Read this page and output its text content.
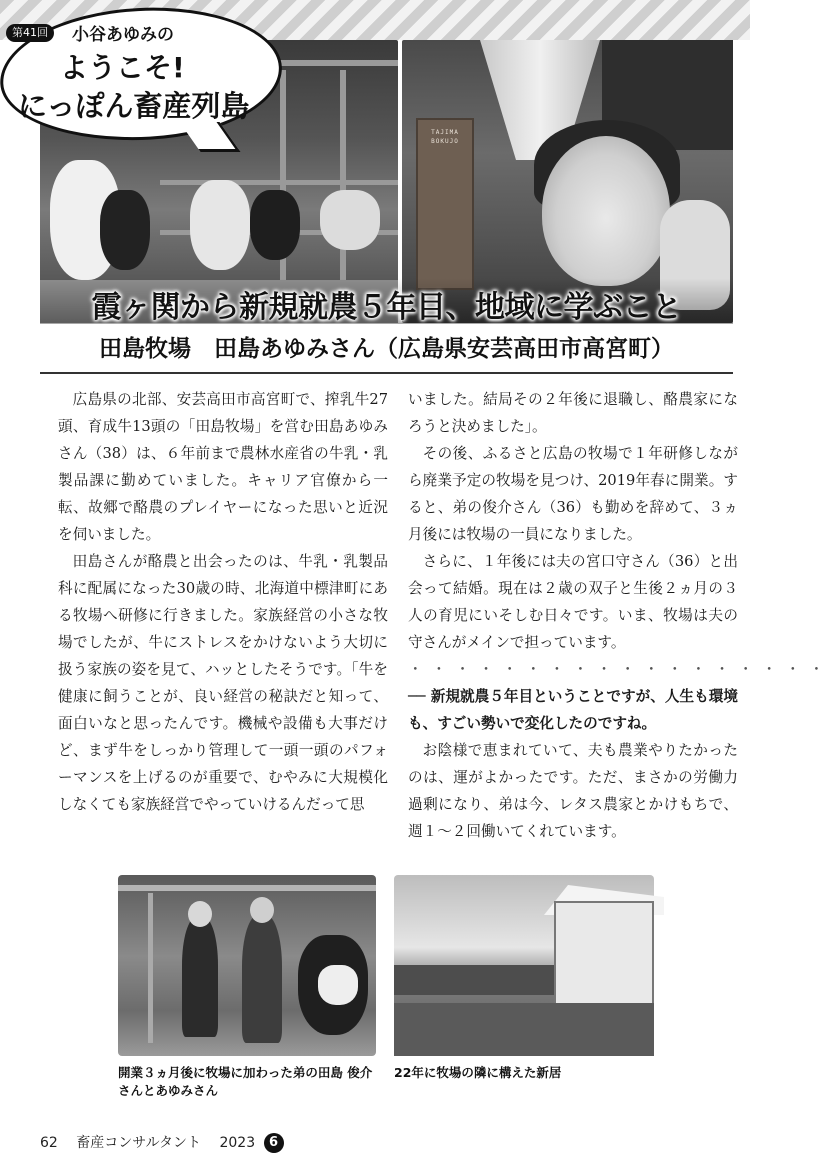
TAJIMA BOKUJO
霞ヶ関から新規就農５年目、地域に学ぶこと
第41回	小谷あゆみの
ようこそ!
にっぽん畜産列島
田島牧場　田島あゆみさん（広島県安芸高田市高宮町）

広島県の北部、安芸高田市高宮町で、搾乳牛27頭、育成牛13頭の「田島牧場」を営む田島あゆみさん（38）は、６年前まで農林水産省の牛乳・乳製品課に勤めていました。キャリア官僚から一転、故郷で酪農のプレイヤーになった思いと近況を伺いました。

田島さんが酪農と出会ったのは、牛乳・乳製品科に配属になった30歳の時、北海道中標津町にある牧場へ研修に行きました。家族経営の小さな牧場でしたが、牛にストレスをかけないよう大切に扱う家族の姿を見て、ハッとしたそうです。「牛を健康に飼うことが、良い経営の秘訣だと知って、面白いなと思ったんです。機械や設備も大事だけど、まず牛をしっかり管理して一頭一頭のパフォーマンスを上げるのが重要で、むやみに大規模化しなくても家族経営でやっていけるんだって思

いました。結局その２年後に退職し、酪農家になろうと決めました」。

その後、ふるさと広島の牧場で１年研修しながら廃業予定の牧場を見つけ、2019年春に開業。すると、弟の俊介さん（36）も勤めを辞めて、３ヵ月後には牧場の一員になりました。

さらに、１年後には夫の宮口守さん（36）と出会って結婚。現在は２歳の双子と生後２ヵ月の３人の育児にいそしむ日々です。いま、牧場は夫の守さんがメインで担っています。

・・・・・・・・・・・・・・・・・・

── 新規就農５年目ということですが、人生も環境も、すごい勢いで変化したのですね。

お陰様で恵まれていて、夫も農業やりたかったのは、運がよかったです。ただ、まさかの労働力過剰になり、弟は今、レタス農家とかけもちで、週１～２回働いてくれています。

開業３ヵ月後に牧場に加わった弟の田島 俊介さんとあゆみさん
22年に牧場の隣に構えた新居
62 畜産コンサルタント 2023 6
